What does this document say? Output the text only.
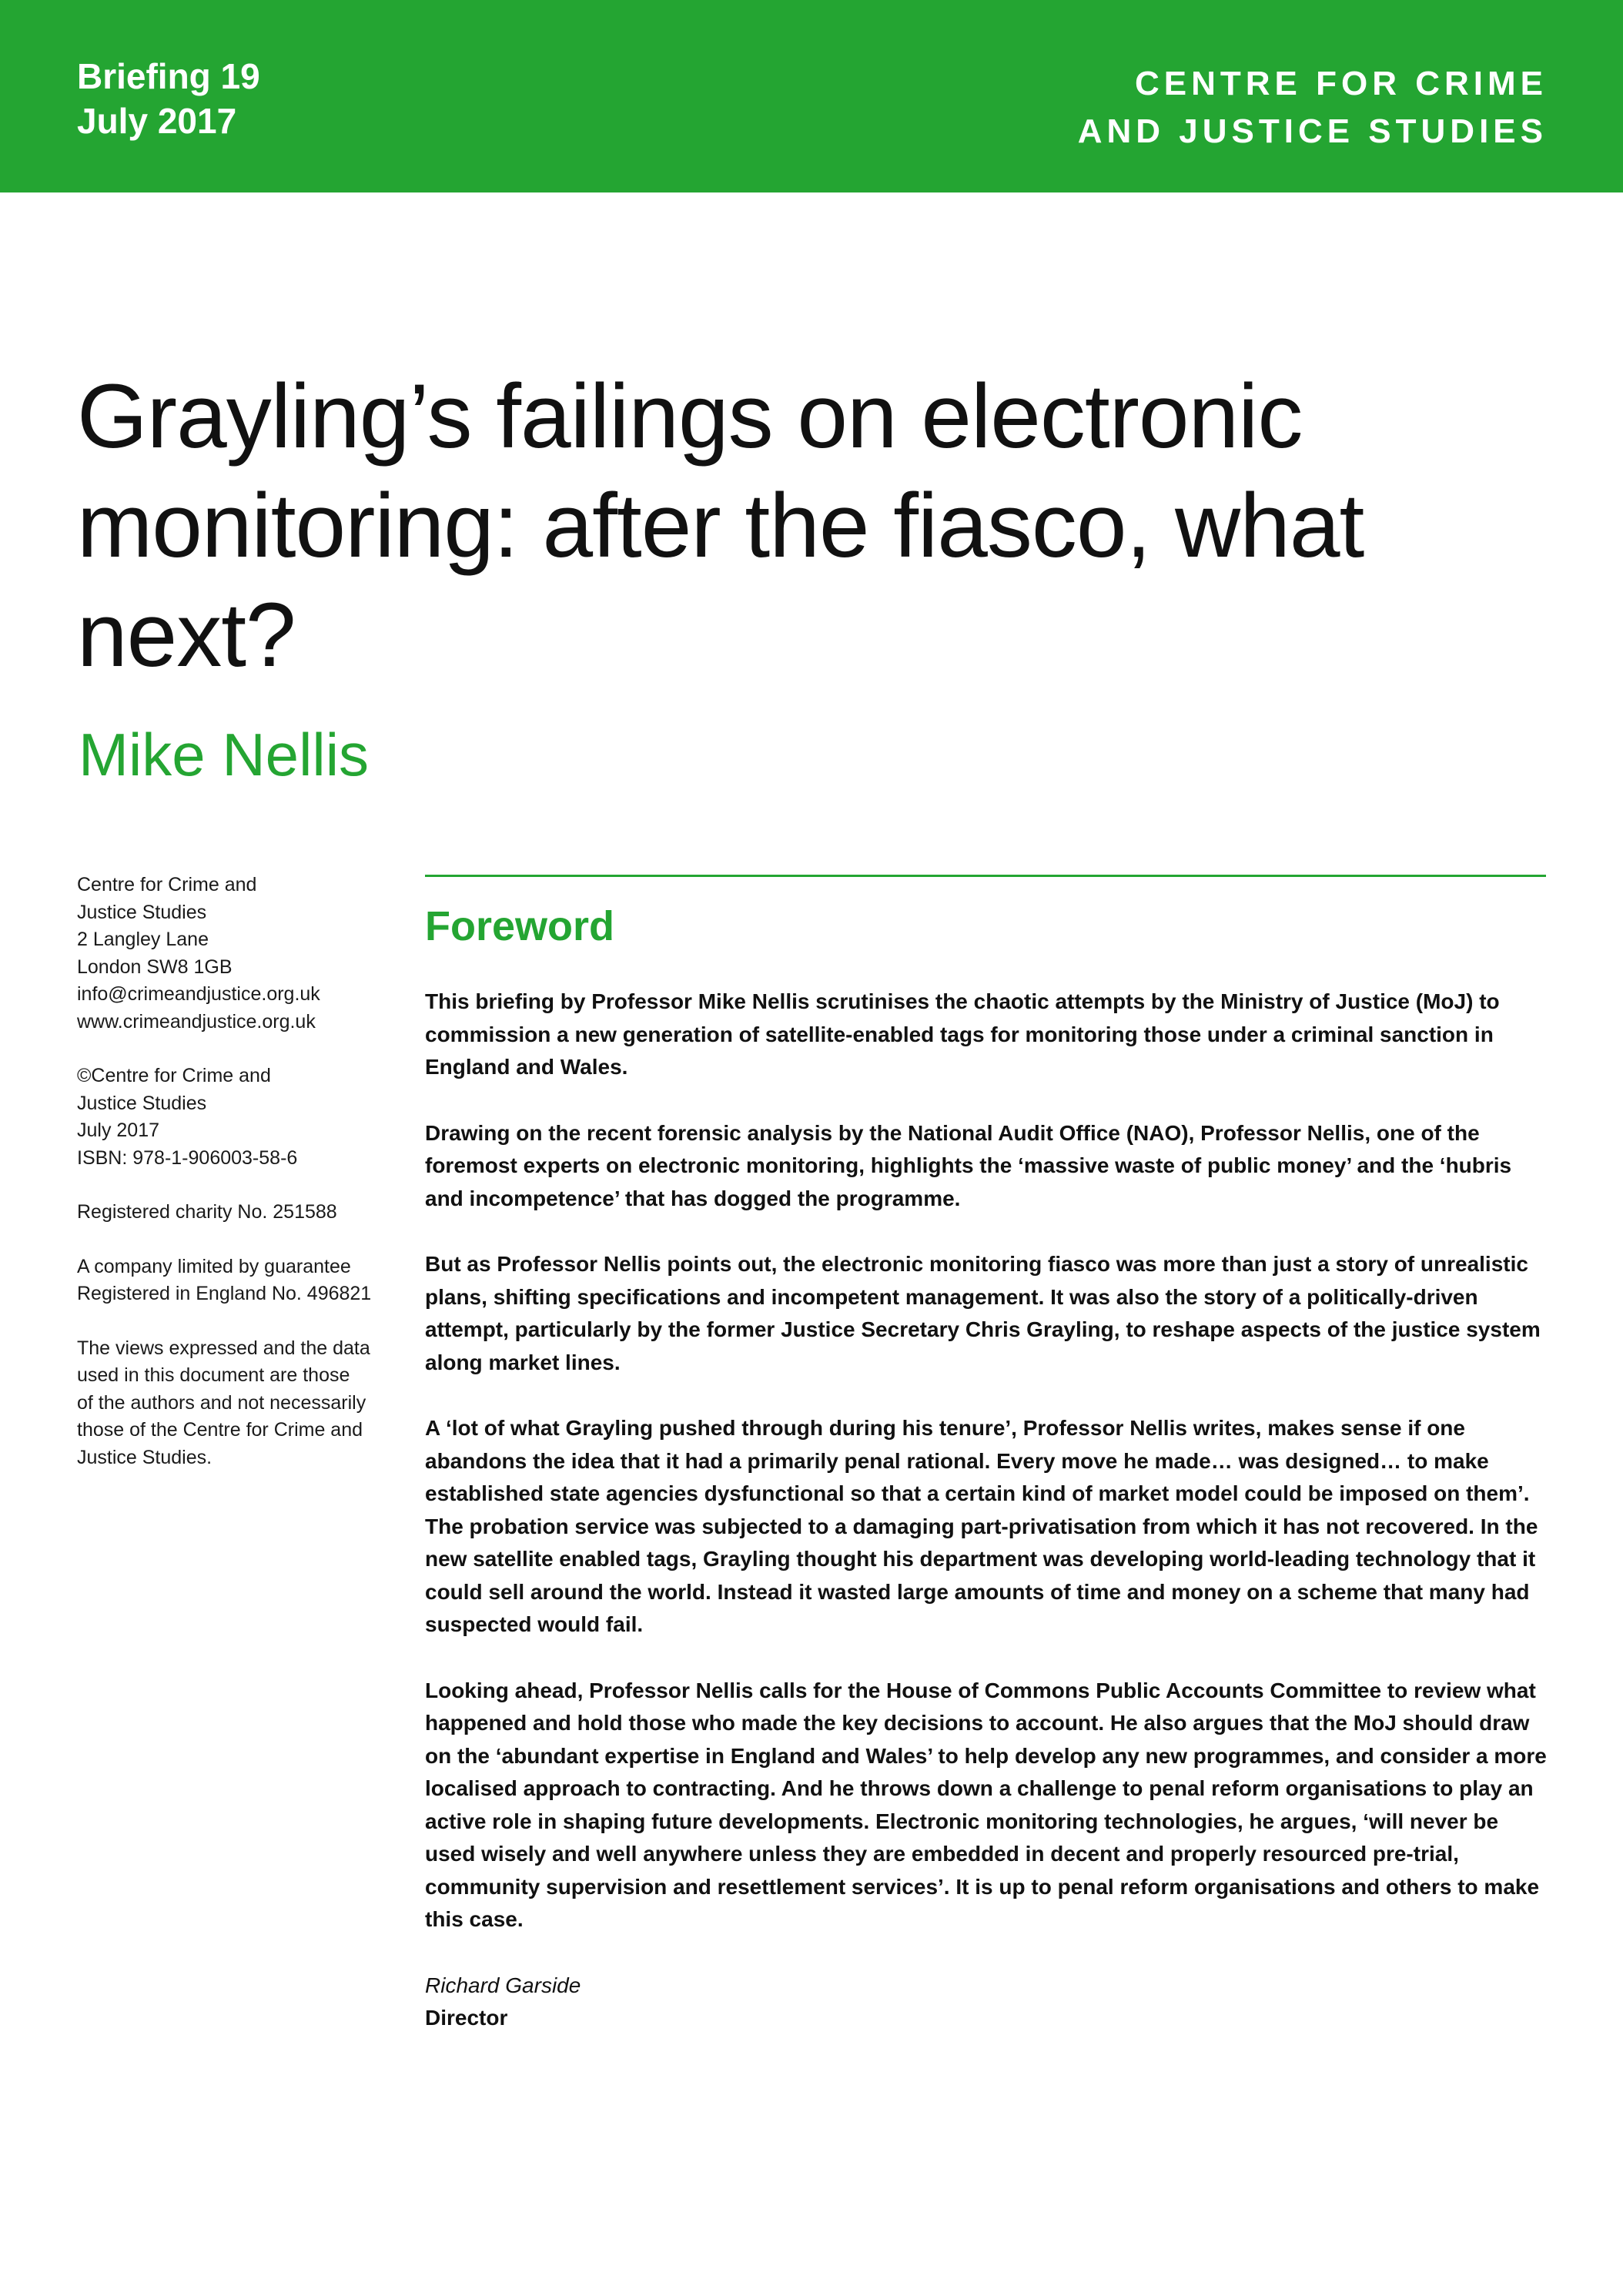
Briefing 19
July 2017
CENTRE FOR CRIME
AND JUSTICE STUDIES
Grayling’s failings on electronic
monitoring: after the fiasco, what next?
Mike Nellis
Centre for Crime and
Justice Studies
2 Langley Lane
London SW8 1GB
info@crimeandjustice.org.uk
www.crimeandjustice.org.uk
©Centre for Crime and
Justice Studies
July 2017
ISBN: 978-1-906003-58-6
Registered charity No. 251588
A company limited by guarantee
Registered in England No. 496821
The views expressed and the data
used in this document are those
of the authors and not necessarily
those of the Centre for Crime and
Justice Studies.
Foreword

This briefing by Professor Mike Nellis scrutinises the chaotic attempts by the Ministry of Justice (MoJ) to commission a new generation of satellite-enabled tags for monitoring those under a criminal sanction in England and Wales.

Drawing on the recent forensic analysis by the National Audit Office (NAO), Professor Nellis, one of the foremost experts on electronic monitoring, highlights the ‘massive waste of public money’ and the ‘hubris and incompetence’ that has dogged the programme.

But as Professor Nellis points out, the electronic monitoring fiasco was more than just a story of unrealistic plans, shifting specifications and incompetent management. It was also the story of a politically-driven attempt, particularly by the former Justice Secretary Chris Grayling, to reshape aspects of the justice system along market lines.

A ‘lot of what Grayling pushed through during his tenure’, Professor Nellis writes, makes sense if one abandons the idea that it had a primarily penal rational. Every move he made… was designed… to make established state agencies dysfunctional so that a certain kind of market model could be imposed on them’. The probation service was subjected to a damaging part-privatisation from which it has not recovered. In the new satellite enabled tags, Grayling thought his department was developing world-leading technology that it could sell around the world. Instead it wasted large amounts of time and money on a scheme that many had suspected would fail.

Looking ahead, Professor Nellis calls for the House of Commons Public Accounts Committee to review what happened and hold those who made the key decisions to account. He also argues that the MoJ should draw on the ‘abundant expertise in England and Wales’ to help develop any new programmes, and consider a more localised approach to contracting. And he throws down a challenge to penal reform organisations to play an active role in shaping future developments. Electronic monitoring technologies, he argues, ‘will never be used wisely and well anywhere unless they are embedded in decent and properly resourced pre-trial, community supervision and resettlement services’. It is up to penal reform organisations and others to make this case.

Richard Garside
Director
